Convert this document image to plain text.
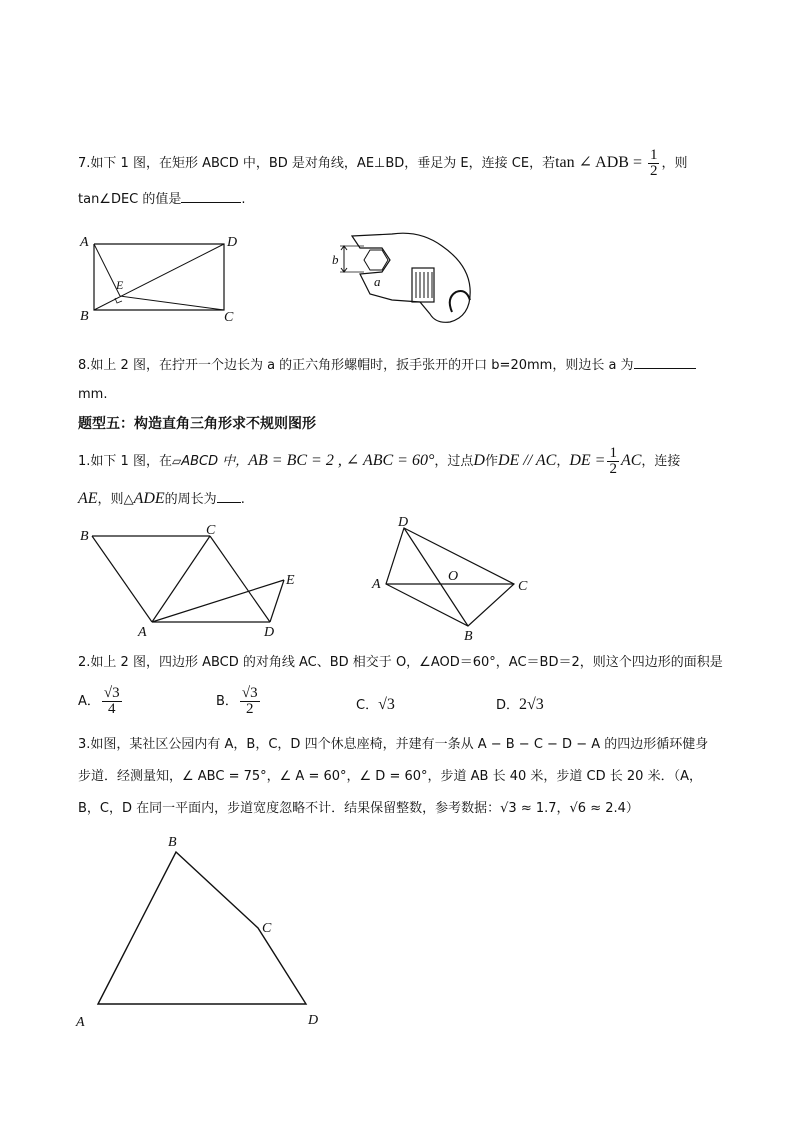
7.如下 1 图，在矩形 ABCD 中，BD 是对角线，AE⊥BD，垂足为 E，连接 CE，若tan ∠ ADB = $\frac{1}{2}$ ，则
tan∠DEC 的值是	.
A	D
B	C
E
b
a
8.如上 2 图，在拧开一个边长为 a 的正六角形螺帽时，扳手张开的开口 b=20mm，则边长 a 为
mm.
题型五：构造直角三角形求不规则图形
1.如下 1 图，在▱ABCD 中，AB = BC = 2 , ∠ ABC = 60°，过点D作DE // AC，DE = $\frac{1}{2}$ AC，连接
AE，则△ADE的周长为 .
B	C
E
A	D
D
A
O
C
B
2.如上 2 图，四边形 ABCD 的对角线 AC、BD 相交于 O，∠AOD＝60°，AC＝BD＝2，则这个四边形的面积是
A． $\frac{√3}{4}$	B． $\frac{√3}{2}$	C．√3	D．2√3
3.如图，某社区公园内有 A，B，C，D 四个休息座椅，并建有一条从 A − B − C − D − A 的四边形循环健身
步道．经测量知，∠ ABC = 75°，∠ A = 60°，∠ D = 60°，步道 AB 长 40 米，步道 CD 长 20 米．（A，
B，C，D 在同一平面内，步道宽度忽略不计．结果保留整数，参考数据：√3 ≈ 1.7，√6 ≈ 2.4）
B
C
A	D
